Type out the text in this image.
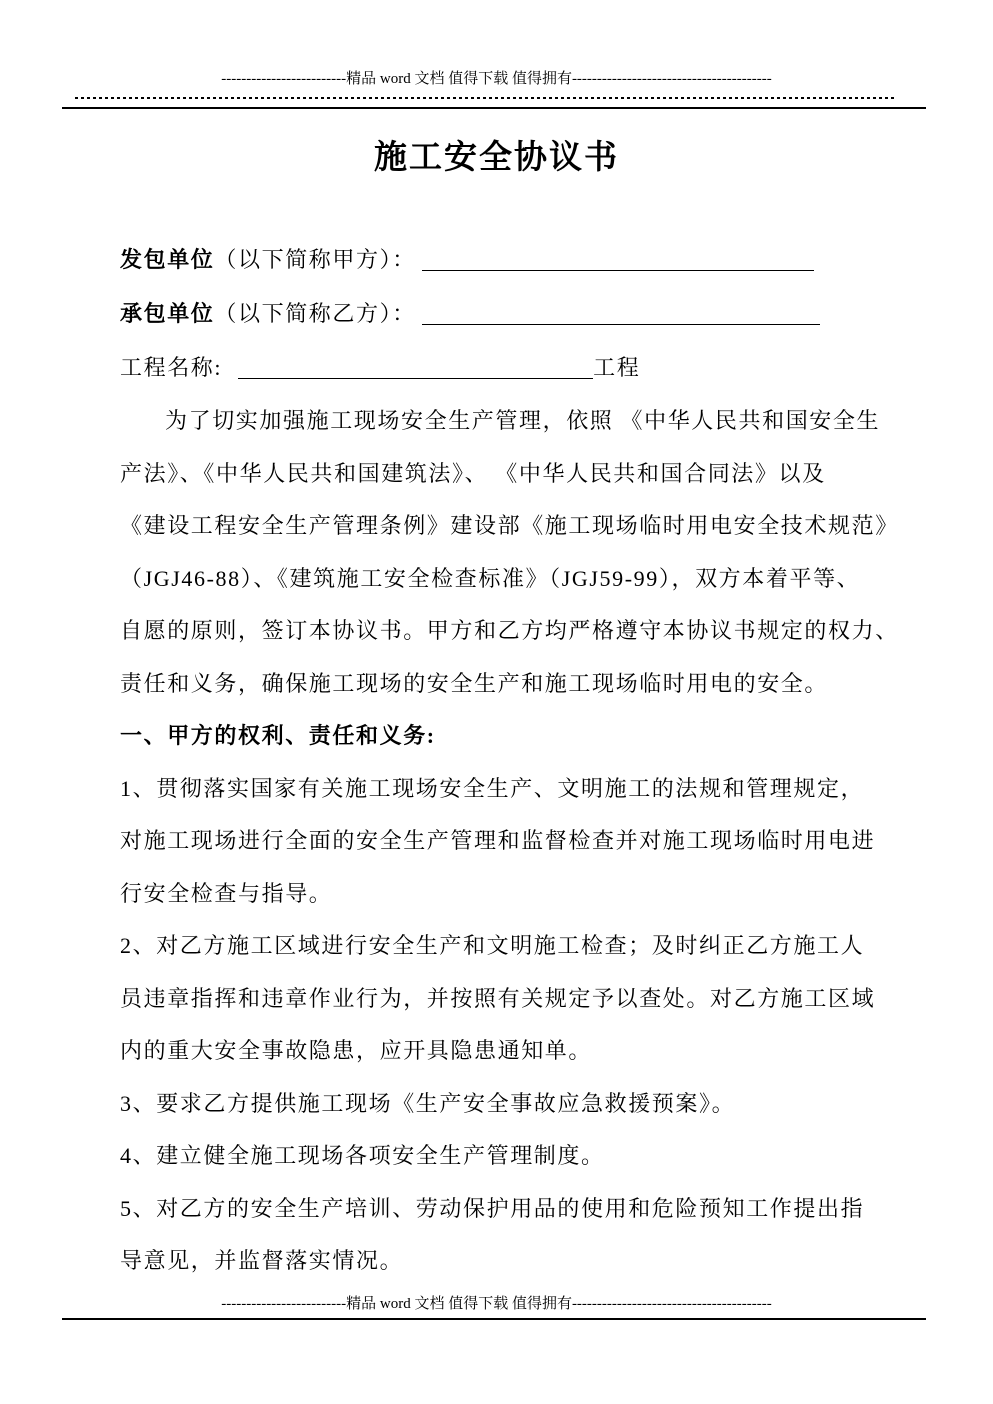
-------------------------精品 word 文档 值得下载 值得拥有----------------------------------------
施工安全协议书
发包单位（以下简称甲方）：
承包单位（以下简称乙方）：
工程名称:	工程
为了切实加强施工现场安全生产管理，依照 《中华人民共和国安全生
产法》、《中华人民共和国建筑法》、 《中华人民共和国合同法》以及
《建设工程安全生产管理条例》建设部《施工现场临时用电安全技术规范》
（JGJ46-88）、《建筑施工安全检查标准》（JGJ59-99），双方本着平等、
自愿的原则，签订本协议书。甲方和乙方均严格遵守本协议书规定的权力、
责任和义务，确保施工现场的安全生产和施工现场临时用电的安全。
一、甲方的权利、责任和义务:
1、贯彻落实国家有关施工现场安全生产、文明施工的法规和管理规定，
对施工现场进行全面的安全生产管理和监督检查并对施工现场临时用电进
行安全检查与指导。
2、对乙方施工区域进行安全生产和文明施工检查；及时纠正乙方施工人
员违章指挥和违章作业行为，并按照有关规定予以查处。对乙方施工区域
内的重大安全事故隐患，应开具隐患通知单。
3、要求乙方提供施工现场《生产安全事故应急救援预案》。
4、建立健全施工现场各项安全生产管理制度。
5、对乙方的安全生产培训、劳动保护用品的使用和危险预知工作提出指
导意见，并监督落实情况。
-------------------------精品 word 文档 值得下载 值得拥有----------------------------------------
